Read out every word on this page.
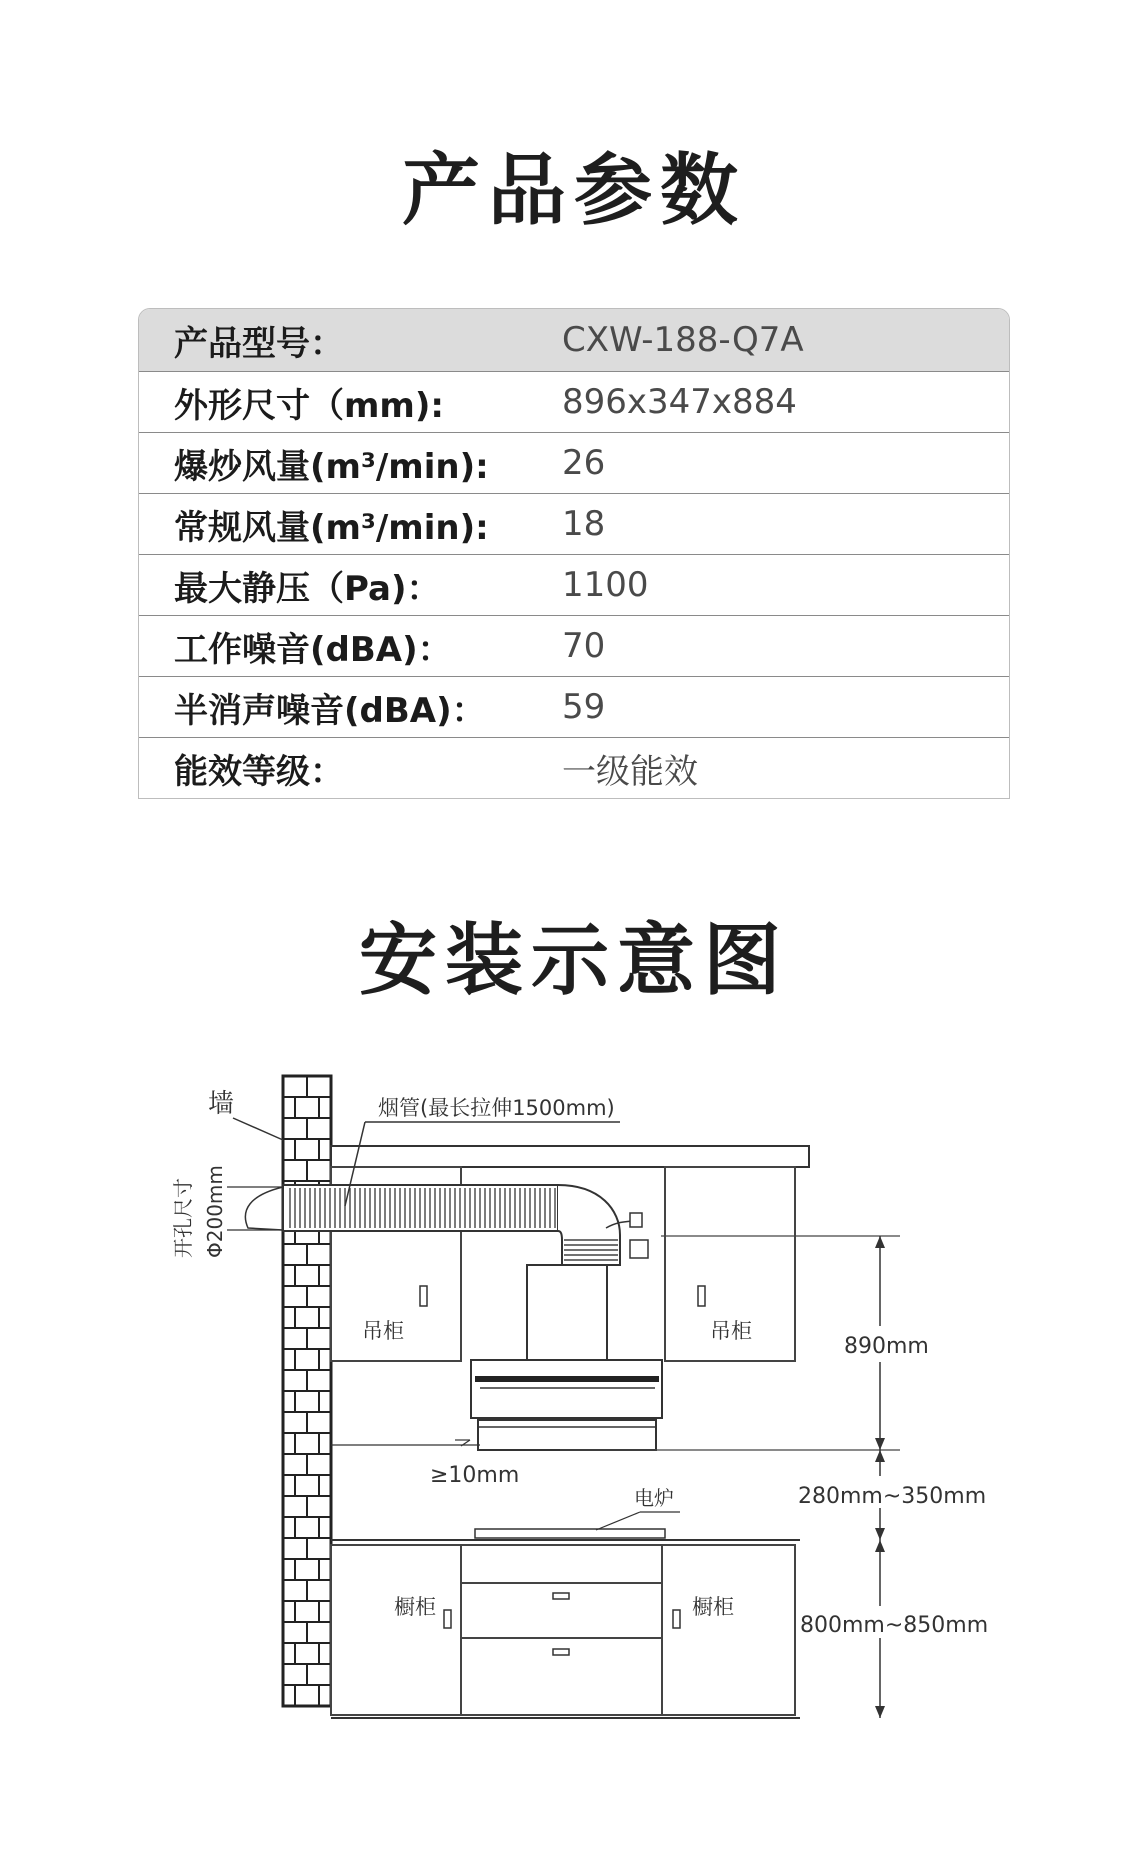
产品参数
产品型号：	CXW-188-Q7A
外形尺寸（mm):	896x347x884
爆炒风量(m³/min):	26
常规风量(m³/min):	18
最大静压（Pa)：	1100
工作噪音(dBA)：	70
半消声噪音(dBA)：	59
能效等级：	一级能效
安装示意图
墙
开孔尺寸 Φ200mm
吊柜	吊柜
烟管(最长拉伸1500mm)
≥10mm
890mm
280mm~350mm
800mm~850mm
电炉
橱柜	橱柜
